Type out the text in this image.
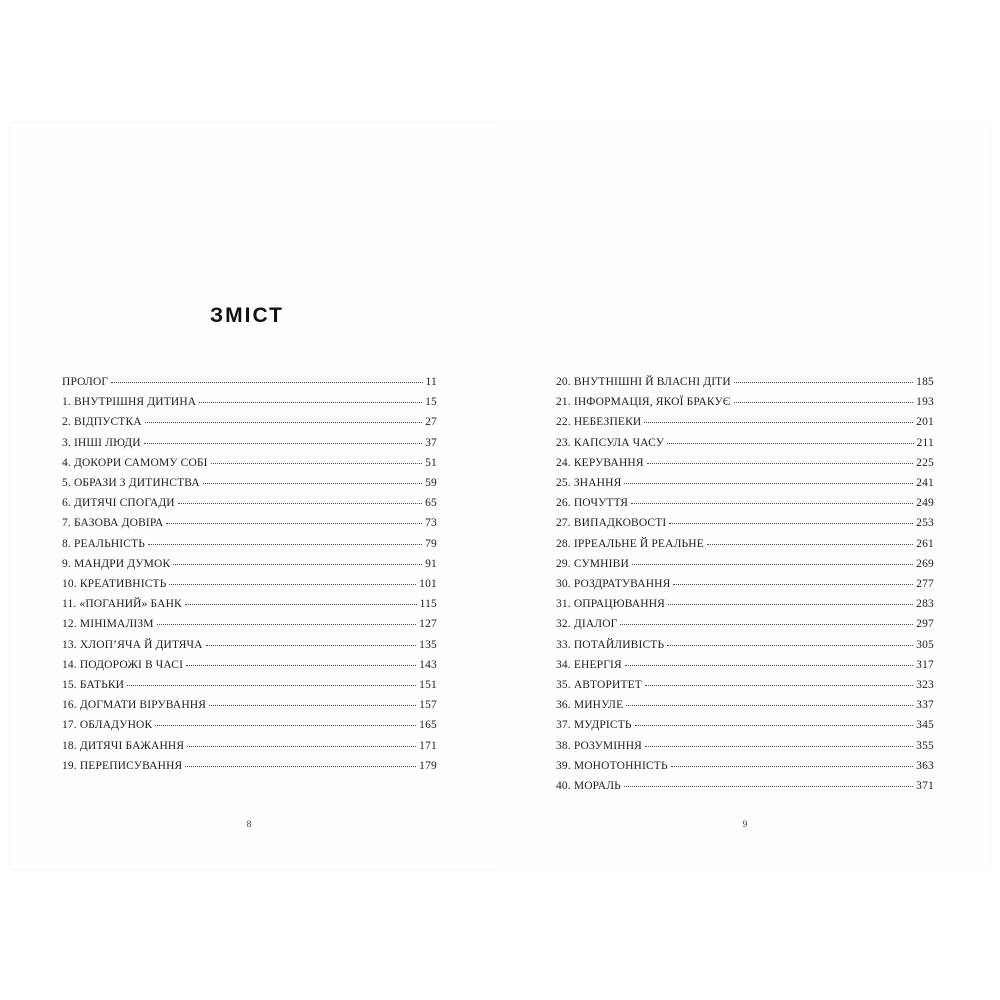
ЗМІСТ
ПРОЛОГ	11
1. ВНУТРІШНЯ ДИТИНА	15
2. ВІДПУСТКА	27
3. ІНШІ ЛЮДИ	37
4. ДОКОРИ САМОМУ СОБІ	51
5. ОБРАЗИ З ДИТИНСТВА	59
6. ДИТЯЧІ СПОГАДИ	65
7. БАЗОВА ДОВІРА	73
8. РЕАЛЬНІСТЬ	79
9. МАНДРИ ДУМОК	91
10. КРЕАТИВНІСТЬ	101
11. «ПОГАНИЙ» БАНК	115
12. МІНІМАЛІЗМ	127
13. ХЛОП’ЯЧА Й ДИТЯЧА	135
14. ПОДОРОЖІ В ЧАСІ	143
15. БАТЬКИ	151
16. ДОГМАТИ ВІРУВАННЯ	157
17. ОБЛАДУНОК	165
18. ДИТЯЧІ БАЖАННЯ	171
19. ПЕРЕПИСУВАННЯ	179
8
20. ВНУТНІШНІ Й ВЛАСНІ ДІТИ	185
21. ІНФОРМАЦІЯ, ЯКОЇ БРАКУЄ	193
22. НЕБЕЗПЕКИ	201
23. КАПСУЛА ЧАСУ	211
24. КЕРУВАННЯ	225
25. ЗНАННЯ	241
26. ПОЧУТТЯ	249
27. ВИПАДКОВОСТІ	253
28. ІРРЕАЛЬНЕ Й РЕАЛЬНЕ	261
29. СУМНІВИ	269
30. РОЗДРАТУВАННЯ	277
31. ОПРАЦЮВАННЯ	283
32. ДІАЛОГ	297
33. ПОТАЙЛИВІСТЬ	305
34. ЕНЕРГІЯ	317
35. АВТОРИТЕТ	323
36. МИНУЛЕ	337
37. МУДРІСТЬ	345
38. РОЗУМІННЯ	355
39. МОНОТОННІСТЬ	363
40. МОРАЛЬ	371
9
